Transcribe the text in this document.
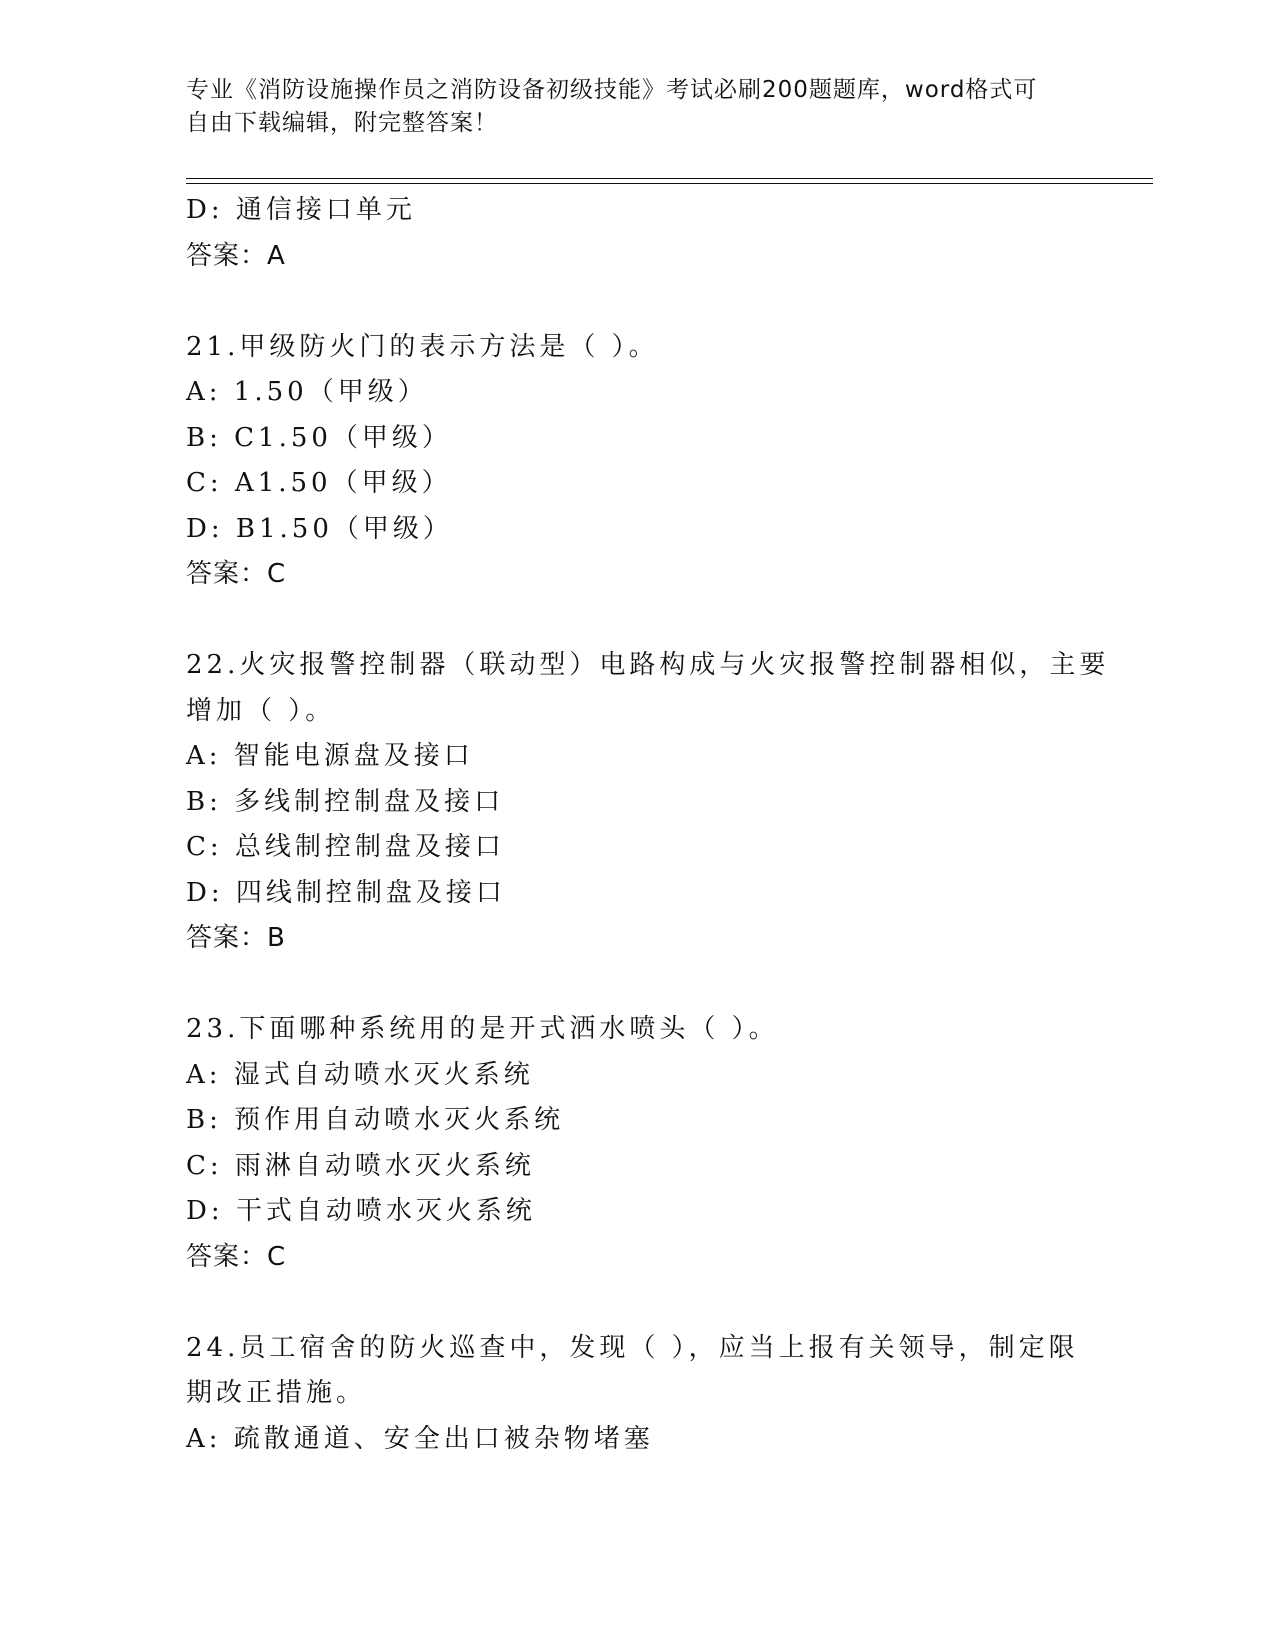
专业《消防设施操作员之消防设备初级技能》考试必刷200题题库，word格式可
自由下载编辑，附完整答案！
D: 通信接口单元
答案：A
21.甲级防火门的表示方法是（ ）。
A: 1.50（甲级）
B: C1.50（甲级）
C: A1.50（甲级）
D: B1.50（甲级）
答案：C
22.火灾报警控制器（联动型）电路构成与火灾报警控制器相似，主要
增加（ ）。
A: 智能电源盘及接口
B: 多线制控制盘及接口
C: 总线制控制盘及接口
D: 四线制控制盘及接口
答案：B
23.下面哪种系统用的是开式洒水喷头（ ）。
A: 湿式自动喷水灭火系统
B: 预作用自动喷水灭火系统
C: 雨淋自动喷水灭火系统
D: 干式自动喷水灭火系统
答案：C
24.员工宿舍的防火巡查中，发现（ ），应当上报有关领导，制定限
期改正措施。
A: 疏散通道、安全出口被杂物堵塞
